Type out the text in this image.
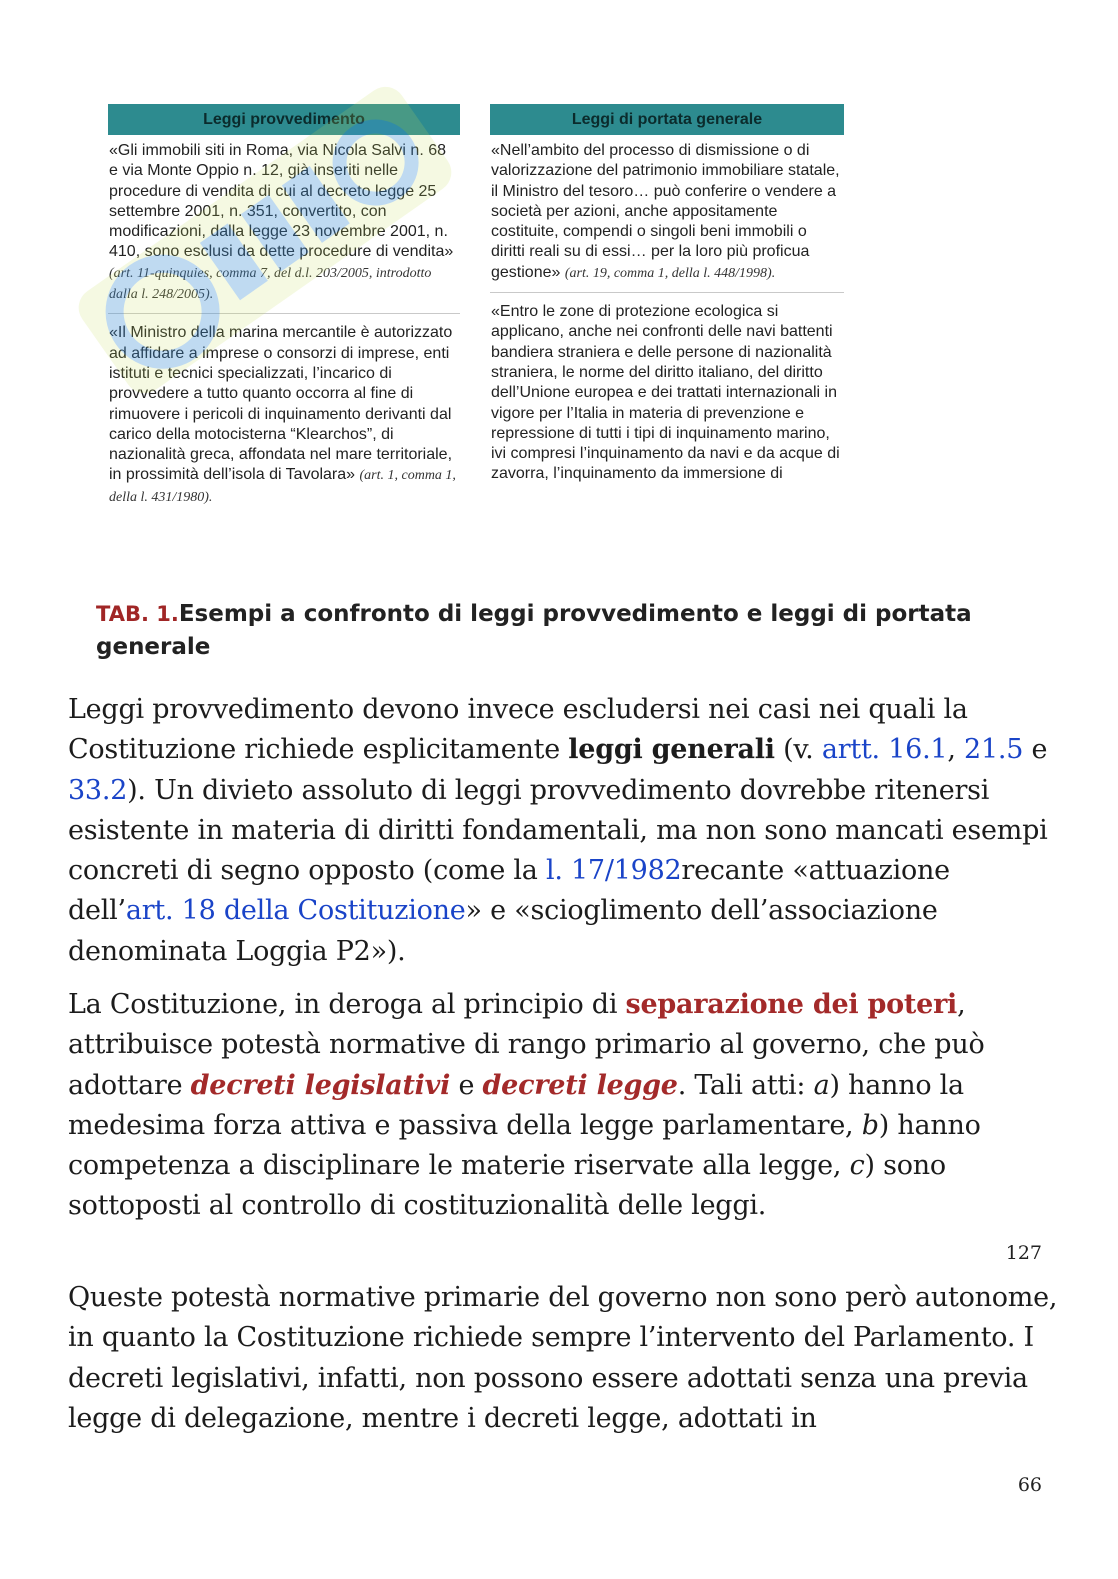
Leggi provvedimento
«Gli immobili siti in Roma, via Nicola Salvi n. 68 e via Monte Oppio n. 12, già inseriti nelle procedure di vendita di cui al decreto legge 25 settembre 2001, n. 351, convertito, con modificazioni, dalla legge 23 novembre 2001, n. 410, sono esclusi da dette procedure di vendita» (art. 11-quinquies, comma 7, del d.l. 203/2005, introdotto dalla l. 248/2005).
«Il Ministro della marina mercantile è autorizzato ad affidare a imprese o consorzi di imprese, enti istituti e tecnici specializzati, l’incarico di provvedere a tutto quanto occorra al fine di rimuovere i pericoli di inquinamento derivanti dal carico della motocisterna “Klearchos”, di nazionalità greca, affondata nel mare territoriale, in prossimità dell’isola di Tavolara» (art. 1, comma 1, della l. 431/1980).
Leggi di portata generale
«Nell’ambito del processo di dismissione o di valorizzazione del patrimonio immobiliare statale, il Ministro del tesoro… può conferire o vendere a società per azioni, anche appositamente costituite, compendi o singoli beni immobili o diritti reali su di essi… per la loro più proficua gestione» (art. 19, comma 1, della l. 448/1998).
«Entro le zone di protezione ecologica si applicano, anche nei confronti delle navi battenti bandiera straniera e delle persone di nazionalità straniera, le norme del diritto italiano, del diritto dell’Unione europea e dei trattati internazionali in vigore per l’Italia in materia di prevenzione e repressione di tutti i tipi di inquinamento marino, ivi compresi l’inquinamento da navi e da acque di zavorra, l’inquinamento da immersione di
TAB. 1.Esempi a confronto di leggi provvedimento e leggi di portata generale

Leggi provvedimento devono invece escludersi nei casi nei quali la Costituzione richiede esplicitamente leggi generali (v. artt. 16.1, 21.5 e 33.2). Un divieto assoluto di leggi provvedimento dovrebbe ritenersi esistente in materia di diritti fondamentali, ma non sono mancati esempi concreti di segno opposto (come la l. 17/1982recante «attuazione dell’art. 18 della Costituzione» e «scioglimento dell’associazione denominata Loggia P2»).

La Costituzione, in deroga al principio di separazione dei poteri, attribuisce potestà normative di rango primario al governo, che può adottare decreti legislativi e decreti legge. Tali atti: a) hanno la medesima forza attiva e passiva della legge parlamentare, b) hanno competenza a disciplinare le materie riservate alla legge, c) sono sottoposti al controllo di costituzionalità delle leggi.

127

Queste potestà normative primarie del governo non sono però autonome, in quanto la Costituzione richiede sempre l’intervento del Parlamento. I decreti legislativi, infatti, non possono essere adottati senza una previa legge di delegazione, mentre i decreti legge, adottati in

66
